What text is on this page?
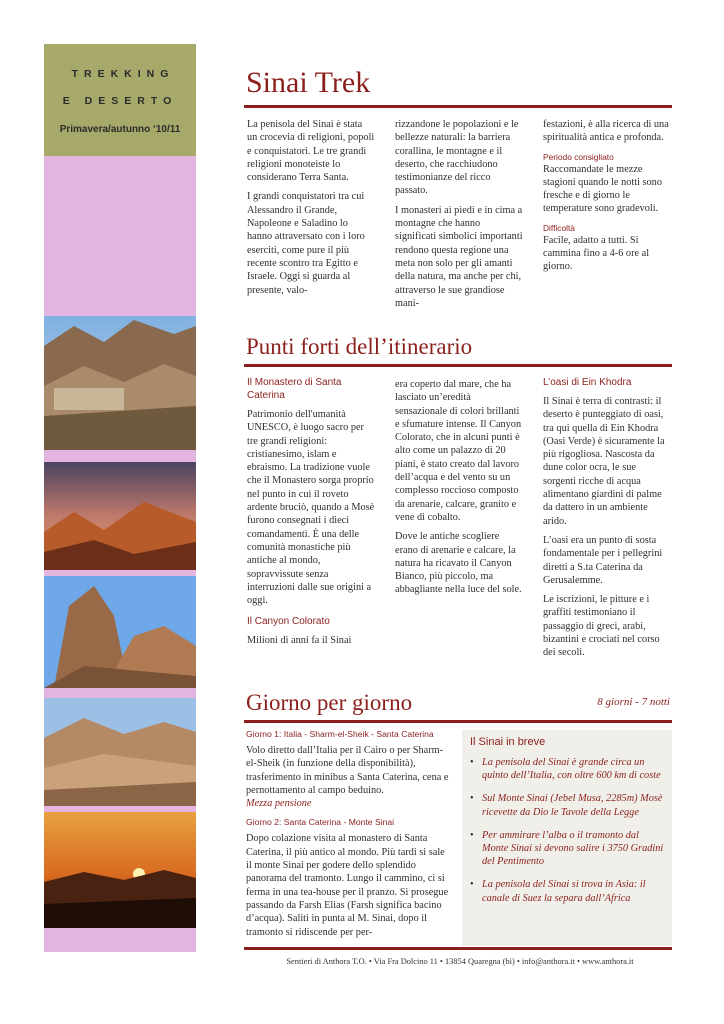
TREKKING
E DESERTO
Primavera/autunno ‘10/11
Sinai Trek

La penisola del Sinai è stata un crocevia di religioni, popoli e conquistatori. Le tre grandi religioni monoteiste lo considerano Terra Santa.

I grandi conquistatori tra cui Alessandro il Grande, Napoleone e Saladino lo hanno attraversato con i loro eserciti, come pure il più recente scontro tra Egitto e Israele. Oggi si guarda al presente, valo-

rizzandone le popolazioni e le bellezze naturali: la barriera corallina, le montagne e il deserto, che racchiudono testimonianze del ricco passato.

I monasteri ai piedi e in cima a montagne che hanno significati simbolici importanti rendono questa regione una meta non solo per gli amanti della natura, ma anche per chi, attraverso le sue grandiose mani-

festazioni, è alla ricerca di una spiritualità antica e profonda.

Periodo consigliato

Raccomandate le mezze stagioni quando le notti sono fresche e di giorno le temperature sono gradevoli.

Difficoltà

Facile, adatto a tutti. Si cammina fino a 4-6 ore al giorno.

Punti forti dell’itinerario
Il Monastero di Santa Caterina

Patrimonio dell'umanità UNESCO, è luogo sacro per tre grandi religioni: cristianesimo, islam e ebraismo. La tradizione vuole che il Monastero sorga proprio nel punto in cui il roveto ardente bruciò, quando a Mosè furono consegnati i dieci comandamenti. È una delle comunità monastiche più antiche al mondo, sopravvissute senza interruzioni dalle sue origini a oggi.

Il Canyon Colorato

Milioni di anni fa il Sinai

era coperto dal mare, che ha lasciato un’eredità sensazionale di colori brillanti e sfumature intense. Il Canyon Colorato, che in alcuni punti è alto come un palazzo di 20 piani, è stato creato dal lavoro dell’acqua e del vento su un complesso roccioso composto da arenarie, calcare, granito e vene di cobalto.

Dove le antiche scogliere erano di arenarie e calcare, la natura ha ricavato il Canyon Bianco, più piccolo, ma abbagliante nella luce del sole.

L’oasi di Ein Khodra

Il Sinai è terra di contrasti: il deserto è punteggiato di oasi, tra qui quella di Ein Khodra (Oasi Verde) è sicuramente la più rigogliosa. Nascosta da dune color ocra, le sue sorgenti ricche di acqua alimentano giardini di palme da dattero in un ambiente arido.

L’oasi era un punto di sosta fondamentale per i pellegrini diretti a S.ta Caterina da Gerusalemme.

Le iscrizioni, le pitture e i graffiti testimoniano il passaggio di greci, arabi, bizantini e crociati nel corso dei secoli.

Giorno per giorno	8 giorni - 7 notti
Giorno 1: Italia - Sharm-el-Sheik - Santa Caterina

Volo diretto dall’Italia per il Cairo o per Sharm-el-Sheik (in funzione della disponibilità), trasferimento in minibus a Santa Caterina, cena e pernottamento al campo beduino.

Mezza pensione

Giorno 2: Santa Caterina - Monte Sinai

Dopo colazione visita al monastero di Santa Caterina, il più antico al mondo. Più tardi si sale il monte Sinai per godere dello splendido panorama del tramonto. Lungo il cammino, ci si ferma in una tea-house per il pranzo. Si prosegue passando da Farsh Elias (Farsh significa bacino d’acqua). Saliti in punta al M. Sinai, dopo il tramonto si ridiscende per per-

Il Sinai in breve
• La penisola del Sinai è grande circa un quinto dell’Italia, con oltre 600 km di coste
• Sul Monte Sinai (Jebel Musa, 2285m) Mosè ricevette da Dio le Tavole della Legge
• Per ammirare l’alba o il tramonto dal Monte Sinai si devono salire i 3750 Gradini del Pentimento
• La penisola del Sinai si trova in Asia: il canale di Suez la separa dall’Africa
Sentieri di Anthora T.O. • Via Fra Dolcino 11 • 13854 Quaregna (bi) • info@anthora.it • www.anthora.it
